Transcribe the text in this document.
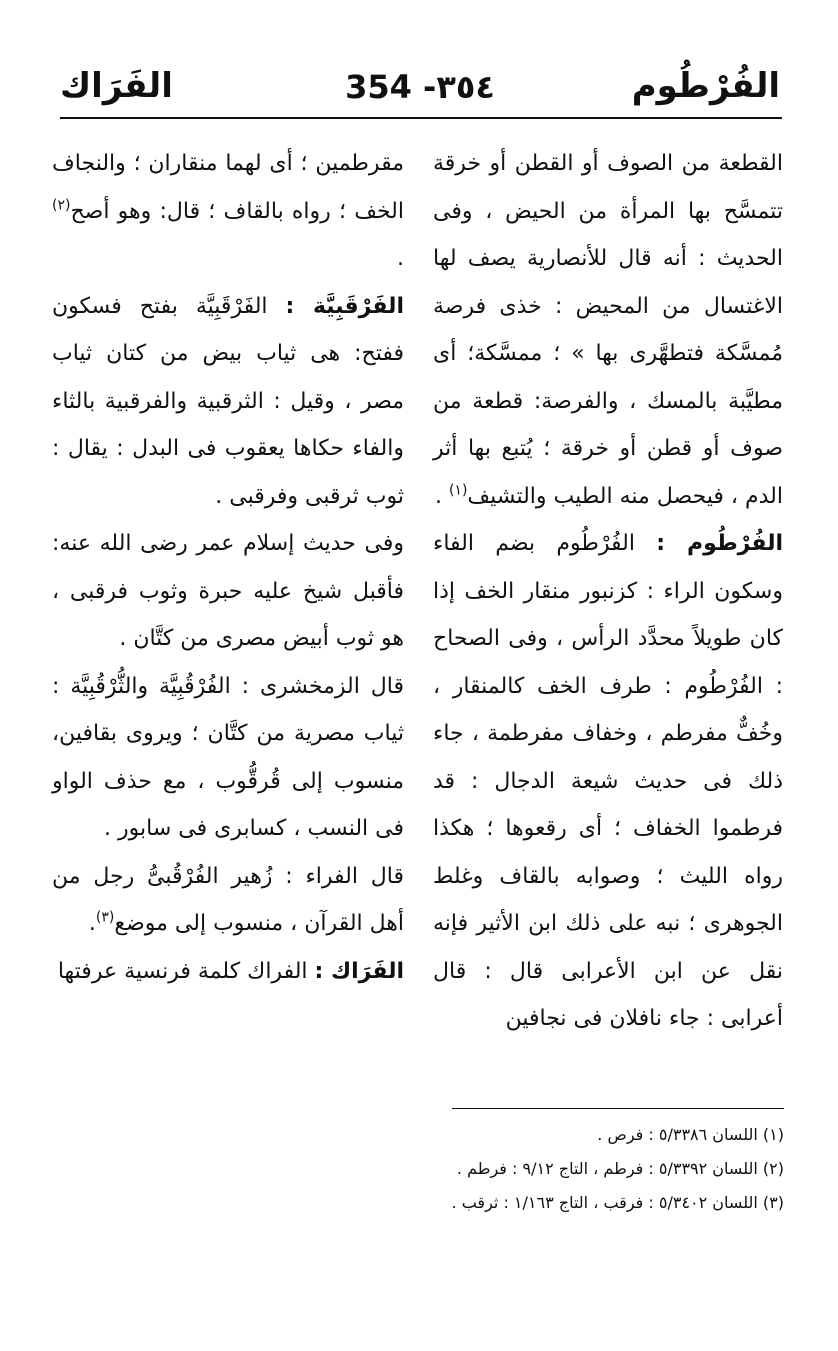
الفُرْطُوم
354 -٣٥٤
الفَرَاك

القطعة من الصوف أو القطن أو خرقة تتمسَّح بها المرأة من الحيض ، وفى الحديث : أنه قال للأنصارية يصف لها الاغتسال من المحيض : خذى فرصة مُمسَّكة فتطهَّرى بها » ؛ ممسَّكة؛ أى مطيَّبة بالمسك ، والفرصة: قطعة من صوف أو قطن أو خرقة ؛ يُتبع بها أثر الدم ، فيحصل منه الطيب والتشيف$^{(١)}$ .

الفُرْطُوم : الفُرْطُوم بضم الفاء وسكون الراء : كزنبور منقار الخف إذا كان طويلاً محدَّد الرأس ، وفى الصحاح : الفُرْطُوم : طرف الخف كالمنقار ، وخُفٌّ مفرطم ، وخفاف مفرطمة ، جاء ذلك فى حديث شيعة الدجال : قد فرطموا الخفاف ؛ أى رقعوها ؛ هكذا رواه الليث ؛ وصوابه بالقاف وغلط الجوهرى ؛ نبه على ذلك ابن الأثير فإنه نقل عن ابن الأعرابى قال : قال أعرابى : جاء نافلان فى نجافين

مقرطمين ؛ أى لهما منقاران ؛ والنجاف الخف ؛ رواه بالقاف ؛ قال: وهو أصح$^{(٢)}$ .

الفَرْقَبِيَّة : الفَرْقَبِيَّة بفتح فسكون ففتح: هى ثياب بيض من كتان ثياب مصر ، وقيل : الثرقبية والفرقبية بالثاء والفاء حكاها يعقوب فى البدل : يقال : ثوب ثرقبى وفرقبى .

وفى حديث إسلام عمر رضى الله عنه: فأقبل شيخ عليه حبرة وثوب فرقبى ، هو ثوب أبيض مصرى من كتَّان .

قال الزمخشرى : الفُرْقُبِيَّة والثُّرْقُبِيَّة : ثياب مصرية من كتَّان ؛ ويروى بقافين، منسوب إلى قُرقُّوب ، مع حذف الواو فى النسب ، كسابرى فى سابور .

قال الفراء : زُهير الفُرْقُبىُّ رجل من أهل القرآن ، منسوب إلى موضع$^{(٣)}$.

الفَرَاك : الفراك كلمة فرنسية عرفتها

(١) اللسان ٥/٣٣٨٦ : فرص .
(٢) اللسان ٥/٣٣٩٢ : فرطم ، التاج ٩/١٢ : فرطم .
(٣) اللسان ٥/٣٤٠٢ : فرقب ، التاج ١/١٦٣ : ثرقب .
